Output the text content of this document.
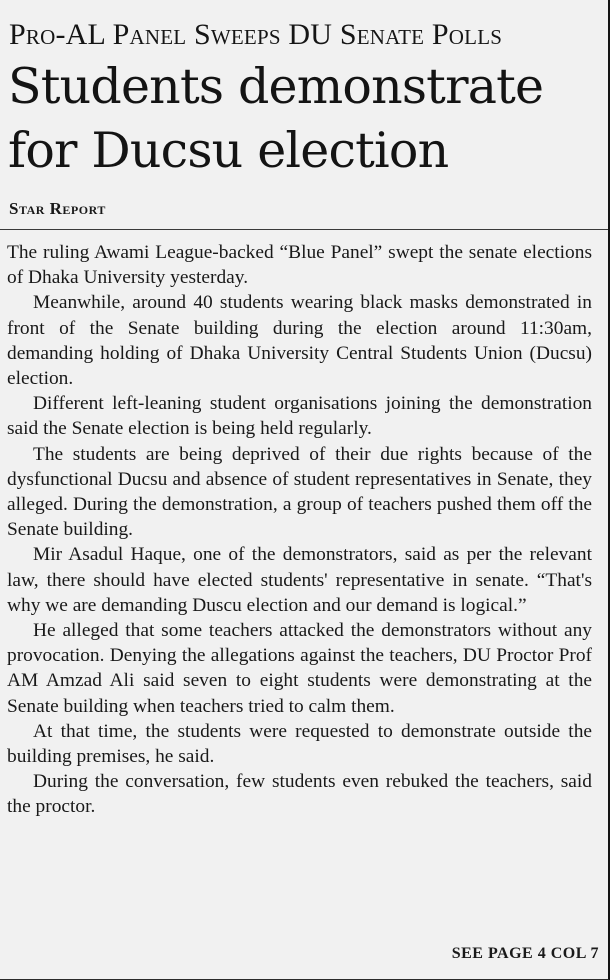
Pro-AL Panel Sweeps DU Senate Polls
Students demonstrate for Ducsu election
Star Report

The ruling Awami League-backed “Blue Panel” swept the senate elections of Dhaka University yesterday.

Meanwhile, around 40 students wearing black masks demonstrated in front of the Senate building during the election around 11:30am, demanding holding of Dhaka University Central Students Union (Ducsu) election.

Different left-leaning student organisations joining the demonstration said the Senate election is being held regularly.

The students are being deprived of their due rights because of the dysfunctional Ducsu and absence of student representatives in Senate, they alleged. During the demonstration, a group of teachers pushed them off the Senate building.

Mir Asadul Haque, one of the demonstrators, said as per the relevant law, there should have elected students' representative in senate. “That's why we are demanding Duscu election and our demand is logical.”

He alleged that some teachers attacked the demonstrators without any provocation. Denying the allegations against the teachers, DU Proctor Prof AM Amzad Ali said seven to eight students were demonstrating at the Senate building when teachers tried to calm them.

At that time, the students were requested to demonstrate outside the building premises, he said.

During the conversation, few students even rebuked the teachers, said the proctor.

SEE PAGE 4 COL 7
